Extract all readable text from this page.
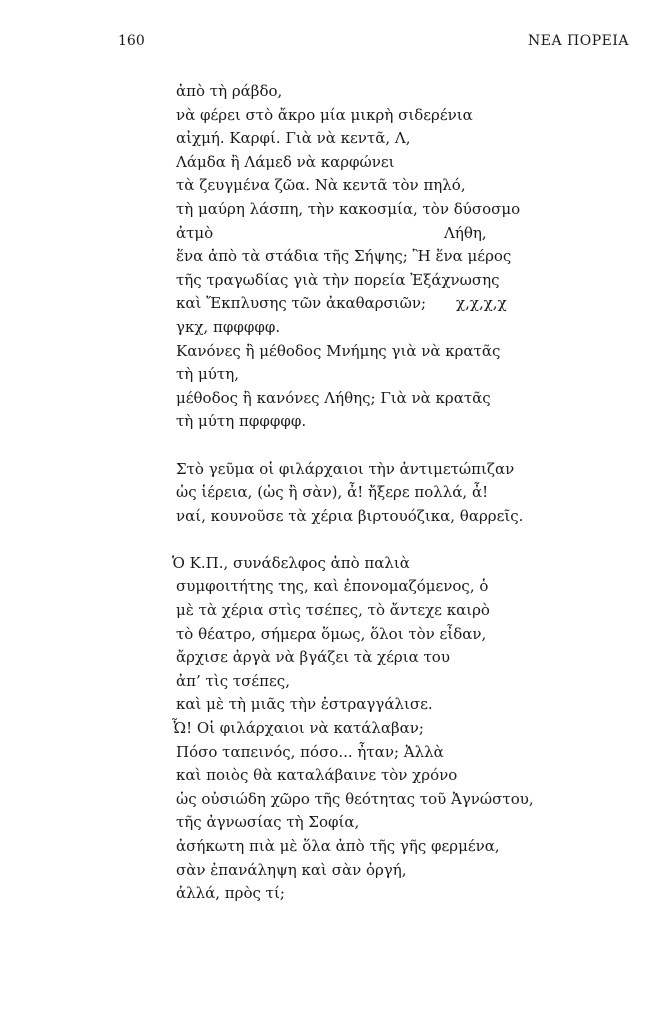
160	ΝΕΑ ΠΟΡΕΙΑ
ἀπὸ τὴ ράβδο,
νὰ φέρει στὸ ἄκρο μία μικρὴ σιδερένια
αἰχμή. Καρφί. Γιὰ νὰ κεντᾶ, Λ,
Λάμδα ἢ Λάμεδ νὰ καρφώνει
τὰ ζευγμένα ζῶα. Νὰ κεντᾶ τὸν πηλό,
τὴ μαύρη λάσπη, τὴν κακοσμία, τὸν δύσοσμο
ἀτμὸ	Λήθη,
ἕνα ἀπὸ τὰ στάδια τῆς Σήψης; Ἢ ἕνα μέρος
τῆς τραγωδίας γιὰ τὴν πορεία Ἐξάχνωσης
καὶ Ἔκπλυσης τῶν ἀκαθαρσιῶν; χ,χ,χ,χ
γκχ, πφφφφφ.
Κανόνες ἢ μέθοδος Μνήμης γιὰ νὰ κρατᾶς
τὴ μύτη,
μέθοδος ἢ κανόνες Λήθης; Γιὰ νὰ κρατᾶς
τὴ μύτη πφφφφφ.
Στὸ γεῦμα οἱ φιλάρχαιοι τὴν ἀντιμετώπιζαν
ὡς ἱέρεια, (ὡς ἢ σὰν), ἆ! ἤξερε πολλά, ἆ!
ναί, κουνοῦσε τὰ χέρια βιρτουόζικα, θαρρεῖς.
Ὁ Κ.Π., συνάδελφος ἀπὸ παλιὰ
συμφοιτήτης της, καὶ ἐπονομαζόμενος, ὁ
μὲ τὰ χέρια στὶς τσέπες, τὸ ἄντεχε καιρὸ
τὸ θέατρο, σήμερα ὅμως, ὅλοι τὸν εἶδαν,
ἄρχισε ἀργὰ νὰ βγάζει τὰ χέρια του
ἀπ’ τὶς τσέπες,
καὶ μὲ τὴ μιᾶς τὴν ἐστραγγάλισε.
Ὦ! Οἱ φιλάρχαιοι νὰ κατάλαβαν;
Πόσο ταπεινός, πόσο... ἦταν; Ἀλλὰ
καὶ ποιὸς θὰ καταλάβαινε τὸν χρόνο
ὡς οὐσιώδη χῶρο τῆς θεότητας τοῦ Ἀγνώστου,
τῆς ἀγνωσίας τὴ Σοφία,
ἀσήκωτη πιὰ μὲ ὅλα ἀπὸ τῆς γῆς φερμένα,
σὰν ἐπανάληψη καὶ σὰν ὀργή,
ἀλλά, πρὸς τί;
